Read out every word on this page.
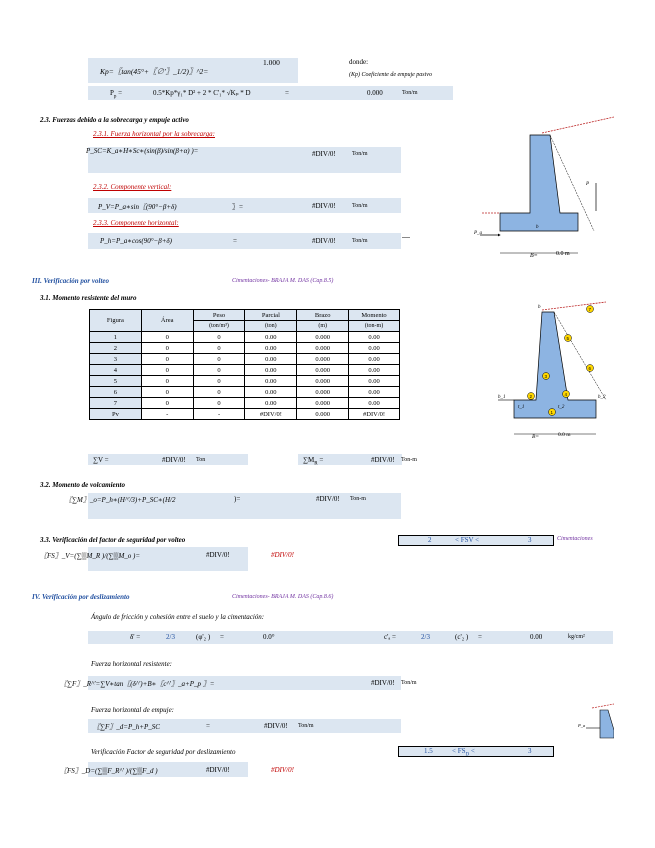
Kp=〖tan(45°+〖∅'〗_1/2)〗^2=
1.000	donde:
(Kp) Coeficiente de empuje pasivo
$P_p$ =	0.5*Kp*γ₁* D² + 2 * C'₁* √Kₚ * D	=	0.000	Ton/m
2.3. Fuerzas debido a la sobrecarga y empuje activo
2.3.1. Fuerza horizontal por la sobrecarga:
P_SC=K_a∗H∗Sc∗(sin(β)/sin(β+α) )=	#DIV/0!	Ton/m
2.3.2. Componente vertical:
P_V=P_a∗sin〖(90°−β+δ)	〗=	#DIV/0!	Ton/m
2.3.3. Componente horizontal:
P_h=P_a∗cos(90°−β+δ)	=	#DIV/0!	Ton/m
P
P_a
b
B=	0.0 m
III. Verificación por volteo	Cimentaciones- BRAJA M. DAS (Cap.8.5)
3.1. Momento resistente del muro
Figura	Área	Peso	Parcial	Brazo	Momento
		(ton/m³)	(ton)	(m)	(ton-m)
1	0	0	0.00	0.000	0.00
2	0	0	0.00	0.000	0.00
3	0	0	0.00	0.000	0.00
4	0	0	0.00	0.000	0.00
5	0	0	0.00	0.000	0.00
6	0	0	0.00	0.000	0.00
7	0	0	0.00	0.000	0.00
Pv	-	-	#DIV/0!	0.000	#DIV/0!
∑V =	#DIV/0! Ton	$\sum M_R$ =	#DIV/0! Ton-m
3.2. Momento de volcamiento
〖∑M〗_o=P_h∗(H^′/3)+P_SC∗(H/2	)=	#DIV/0! Ton-m
3.3. Verificación del factor de seguridad por volteo	2	< FSV <	3	Cimentaciones
〖FS〗_V=(∑▒M_R )/(∑▒M_o )=	#DIV/0!	#DIV/0!
7
6
5
3
2	4
1
b
b_1	b_2
t_1	t_2
B=	0.0 m
IV. Verificación por deslizamiento	Cimentaciones- BRAJA M. DAS (Cap.8.6)
Ángulo de fricción y cohesión entre el suelo y la cimentación:
δ' =	2/3	(φ'₂ ) =	0.0°	c'ₐ =	2/3	(c'₂ ) =	0.00	kg/cm²
Fuerza horizontal resistente:
〖∑F〗_R^′=∑V∗tan〖(δ^′)+B∗〖c^′〗_a+P_p 〗=	#DIV/0! Ton/m
Fuerza horizontal de empuje:
〖∑F〗_d=P_h+P_SC	=	#DIV/0! Ton/m	P_a
Verificación Factor de seguridad por deslizamiento	1.5	< $FS_D$ <	3
〖FS〗_D=(∑▒F_R^′ )/(∑▒F_d )	#DIV/0!	#DIV/0!
